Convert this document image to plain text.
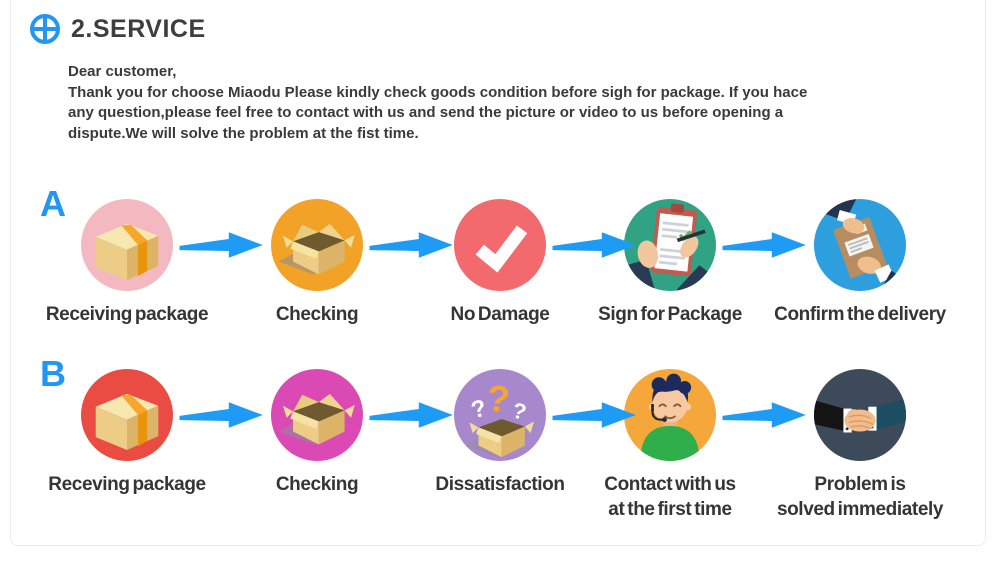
2.SERVICE
Dear customer,
Thank you for choose Miaodu Please kindly check goods condition before sigh for package. If you hace
any question,please feel free to contact with us and send the picture or video to us before opening a
dispute.We will solve the problem at the fist time.
A
Receiving package	Checking	No Damage	Sign for Package	Confirm the delivery
B
Receving package	Checking
?
? ?
Dissatisfaction	Contact with us
at the first time
Problem is
solved immediately
